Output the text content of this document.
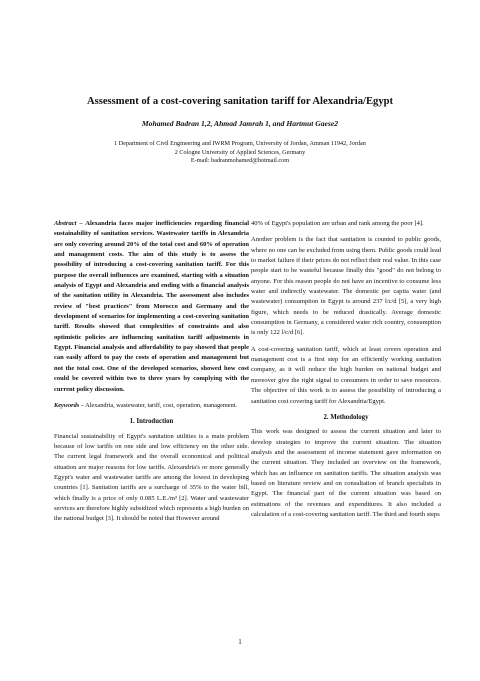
Assessment of a cost-covering sanitation tariff for Alexandria/Egypt
Mohamed Badran 1,2, Ahmad Jamrah 1, and Hartmut Gaese2
1 Department of Civil Engineering and IWRM Program, University of Jordan, Amman 11942, Jordan
2 Cologne University of Applied Sciences, Germany
E-mail: badranmohamed@hotmail.com

Abstract – Alexandria faces major inefficiencies regarding financial sustainability of sanitation services. Wastewater tariffs in Alexandria are only covering around 20% of the total cost and 60% of operation and management costs. The aim of this study is to assess the possibility of introducing a cost-covering sanitation tariff. For this purpose the overall influences are examined, starting with a situation analysis of Egypt and Alexandria and ending with a financial analysis of the sanitation utility in Alexandria. The assessment also includes review of "best practices" from Morocco and Germany and the development of scenarios for implementing a cost-covering sanitation tariff. Results showed that complexities of constraints and also optimistic policies are influencing sanitation tariff adjustments in Egypt. Financial analysis and affordability to pay showed that people can easily afford to pay the costs of operation and management but not the total cost. One of the developed scenarios, showed how cost could be covered within two to three years by complying with the current policy discussion.

Keywords – Alexandria, wastewater, tariff, cost, operation, management.

1. Introduction

Financial sustainability of Egypt's sanitation utilities is a main problem because of low tariffs on one side and low efficiency on the other side. The current legal framework and the overall economical and political situation are major reasons for low tariffs. Alexandria's or more generally Egypt's water and wastewater tariffs are among the lowest in developing countries [1]. Sanitation tariffs are a surcharge of 35% to the water bill, which finally is a price of only 0.085 L.E./m³ [2]. Water and wastewater services are therefore highly subsidized which represents a high burden on the national budget [3]. It should be noted that However around

40% of Egypt's population are urban and rank among the poor [4].

Another problem is the fact that sanitation is counted to public goods, where no one can be excluded from using them. Public goods could lead to market failure if their prices do not reflect their real value. In this case people start to be wasteful because finally this "good" do not belong to anyone. For this reason people do not have an incentive to consume less water and indirectly wastewater. The domestic per capita water (and wastewater) consumption in Egypt is around 237 l/c/d [5], a very high figure, which needs to be reduced drastically. Average domestic consumption in Germany, a considered water rich country, consumption is only 122 l/c/d [6].

A cost-covering sanitation tariff, which at least covers operation and management cost is a first step for an efficiently working sanitation company, as it will reduce the high burden on national budget and moreover give the right signal to consumers in order to save resources. The objective of this work is to assess the possibility of introducing a sanitation cost covering tariff for Alexandria/Egypt.

2. Methodology

This work was designed to assess the current situation and later to develop strategies to improve the current situation. The situation analysis and the assessment of income statement gave information on the current situation. They included an overview on the framework, which has an influence on sanitation tariffs. The situation analysis was based on literature review and on consultation of branch specialists in Egypt. The financial part of the current situation was based on estimations of the revenues and expenditures. It also included a calculation of a cost-covering sanitation tariff. The third and fourth steps

1
